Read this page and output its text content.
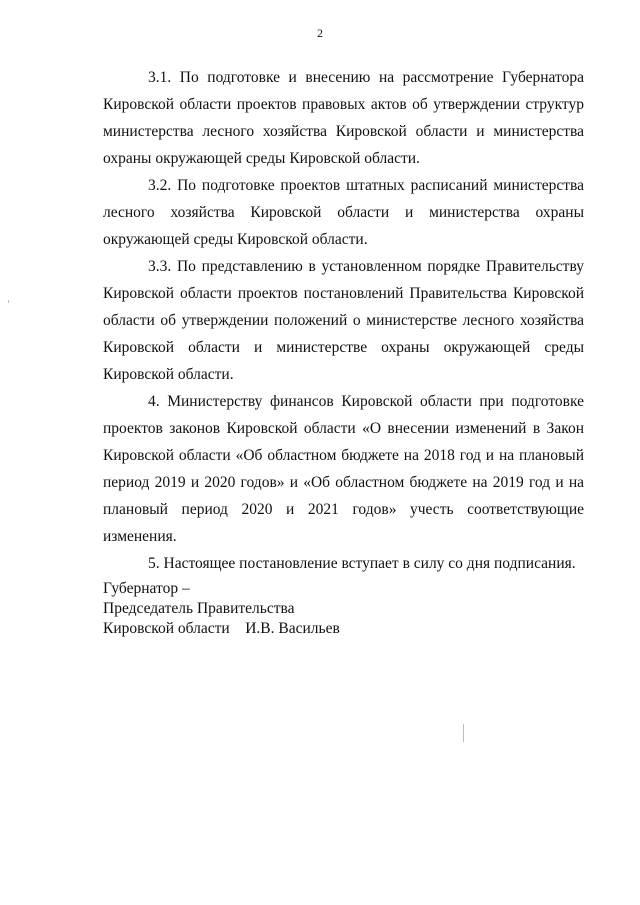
2

3.1. По подготовке и внесению на рассмотрение Губернатора Кировской области проектов правовых актов об утверждении структур министерства лесного хозяйства Кировской области и министерства охраны окружающей среды Кировской области.

3.2. По подготовке проектов штатных расписаний министерства лесного хозяйства Кировской области и министерства охраны окружающей среды Кировской области.

3.3. По представлению в установленном порядке Правительству Кировской области проектов постановлений Правительства Кировской области об утверждении положений о министерстве лесного хозяйства Кировской области и министерстве охраны окружающей среды Кировской области.

4. Министерству финансов Кировской области при подготовке проектов законов Кировской области «О внесении изменений в Закон Кировской области «Об областном бюджете на 2018 год и на плановый период 2019 и 2020 годов» и «Об областном бюджете на 2019 год и на плановый период 2020 и 2021 годов» учесть соответствующие изменения.

5. Настоящее постановление вступает в силу со дня подписания.

Губернатор –
Председатель Правительства
Кировской области    И.В. Васильев
